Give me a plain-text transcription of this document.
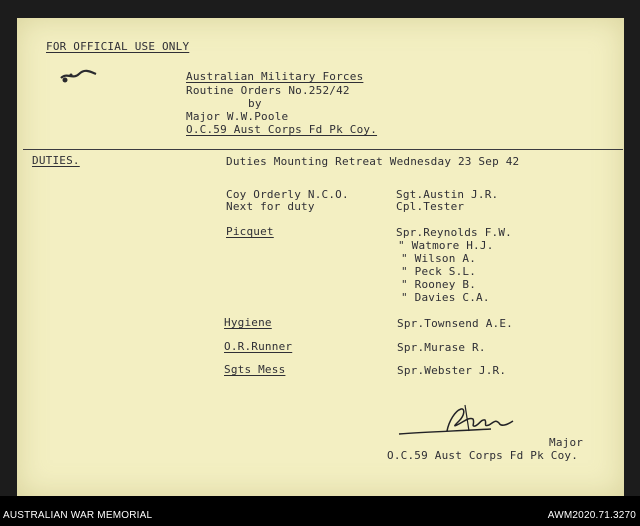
FOR OFFICIAL USE ONLY
Australian Military Forces
Routine Orders No.252/42
by
Major W.W.Poole
O.C.59 Aust Corps Fd Pk Coy.
DUTIES.	Duties Mounting Retreat Wednesday 23 Sep 42
Coy Orderly N.C.O.	Sgt.Austin J.R.
Next for duty	Cpl.Tester
Picquet	Spr.Reynolds F.W.
" Watmore H.J.
" Wilson A.
" Peck S.L.
" Rooney B.
" Davies C.A.
Hygiene	Spr.Townsend A.E.
O.R.Runner	Spr.Murase R.
Sgts Mess	Spr.Webster J.R.
Major
O.C.59 Aust Corps Fd Pk Coy.
AUSTRALIAN WAR MEMORIAL	AWM2020.71.3270
